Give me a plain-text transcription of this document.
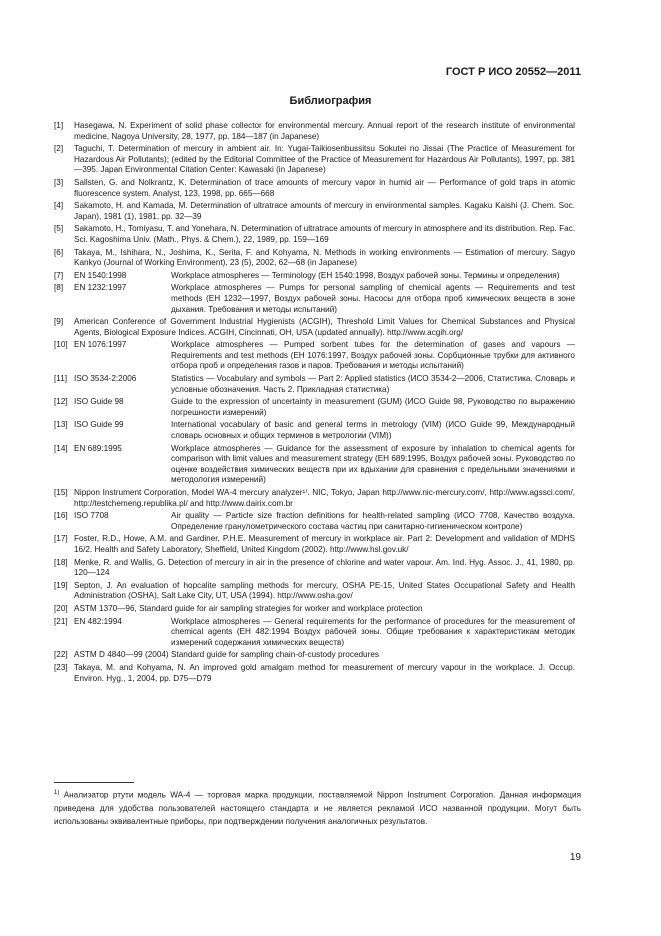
ГОСТ Р ИСО 20552—2011
Библиография
[1]	Hasegawa, N. Experiment of solid phase collector for environmental mercury. Annual report of the research institute of environmental medicine, Nagoya University, 28, 1977, pp. 184—187 (in Japanese)
[2]	Taguchi, T. Determination of mercury in ambient air. In: Yugai-Taikiosenbussitsu Sokutei no Jissai (The Practice of Measurement for Hazardous Air Pollutants); (edited by the Editorial Committee of the Practice of Measurement for Hazardous Air Pollutants), 1997, pp. 381—395. Japan Environmental Citation Center: Kawasaki (in Japanese)
[3]	Sallsten, G. and Nolkrantz, K. Determination of trace amounts of mercury vapor in humid air — Performance of gold traps in atomic fluorescence system. Analyst, 123, 1998, pp. 665—668
[4]	Sakamoto, H. and Kamada, M. Determination of ultratrace amounts of mercury in environmental samples. Kagaku Kaishi (J. Chem. Soc. Japan), 1981 (1), 1981, pp. 32—39
[5]	Sakamoto, H., Tomiyasu, T. and Yonehara, N. Determination of ultratrace amounts of mercury in atmosphere and its distribution. Rep. Fac. Sci. Kagoshima Univ. (Math., Phys. & Chem.), 22, 1989, pp. 159—169
[6]	Takaya, M., Ishihara, N., Joshima, K., Serita, F. and Kohyama, N. Methods in working environments — Estimation of mercury. Sagyo Kankyo (Journal of Working Environment), 23 (5), 2002, 62—68 (in Japanese)
[7]	EN 1540:1998	Workplace atmospheres — Terminology (ЕН 1540:1998, Воздух рабочей зоны. Термины и определения)
[8]	EN 1232:1997	Workplace atmospheres — Pumps for personal sampling of chemical agents — Requirements and test methods (ЕН 1232—1997, Воздух рабочей зоны. Насосы для отбора проб химических веществ в зоне дыхания. Требования и методы испытаний)
[9]	American Conference of Government Industrial Hygienists (ACGIH), Threshold Limit Values for Chemical Substances and Physical Agents, Biological Exposure Indices. ACGIH, Cincinnati, OH, USA (updated annually). http://www.acgih.org/
[10] EN 1076:1997	Workplace atmospheres — Pumped sorbent tubes for the determination of gases and vapours — Requirements and test methods (ЕН 1076:1997, Воздух рабочей зоны. Сорбционные трубки для активного отбора проб и определения газов и паров. Требования и методы испытаний)
[11] ISO 3534-2:2006	Statistics — Vocabulary and symbols — Part 2: Applied statistics (ИСО 3534-2—2006, Статистика. Словарь и условные обозначения. Часть 2. Прикладная статистика)
[12] ISO Guide 98	Guide to the expression of uncertainty in measurement (GUM) (ИСО Guide 98, Руководство по выражению погрешности измерений)
[13] ISO Guide 99	International vocabulary of basic and general terms in metrology (VIM) (ИСО Guide 99, Международный словарь основных и общих терминов в метрологии (VIM))
[14] EN 689:1995	Workplace atmospheres — Guidance for the assessment of exposure by inhalation to chemical agents for comparison with limit values and measurement strategy (ЕН 689:1995, Воздух рабочей зоны. Руководство по оценке воздействия химических веществ при их вдыхании для сравнения с предельными значениями и методология измерений)
[15] Nippon Instrument Corporation, Model WA-4 mercury analyzer¹⁾. NIC, Tokyo, Japan http://www.nic-mercury.com/, http://www.agssci.com/, http://testchemeng.republika.pl/ and http://www.dairix.com.br
[16] ISO 7708	Air quality — Particle size fraction definitions for health-related sampling (ИСО 7708, Качество воздуха. Определение гранулометрического состава частиц при санитарно-гигиеническом контроле)
[17] Foster, R.D., Howe, A.M. and Gardiner, P.H.E. Measurement of mercury in workplace air. Part 2: Development and validation of MDHS 16/2. Health and Safety Laboratory, Sheffield, United Kingdom (2002). http://www.hsl.gov.uk/
[18] Menke, R. and Wallis, G. Detection of mercury in air in the presence of chlorine and water vapour. Am. Ind. Hyg. Assoc. J., 41, 1980, pp. 120—124
[19] Septon, J. An evaluation of hopcalite sampling methods for mercury, OSHA PE-15, United States Occupational Safety and Health Administration (OSHA), Salt Lake City, UT, USA (1994). http://www.osha.gov/
[20] ASTM 1370—96, Standard guide for air sampling strategies for worker and workplace protection
[21] EN 482:1994	Workplace atmospheres — General requirements for the performance of procedures for the measurement of chemical agents (ЕН 482:1994 Воздух рабочей зоны. Общие требования к характеристикам методик измерений содержания химических веществ)
[22] ASTM D 4840—99 (2004) Standard guide for sampling chain-of-custody procedures
[23] Takaya, M. and Kohyama, N. An improved gold amalgam method for measurement of mercury vapour in the workplace. J. Occup. Environ. Hyg., 1, 2004, pp. D75—D79
$^{1)}$ Анализатор ртути модель WA-4 — торговая марка продукции, поставляемой Nippon Instrument Corporation. Данная информация приведена для удобства пользователей настоящего стандарта и не является рекламой ИСО названной продукции. Могут быть использованы эквивалентные приборы, при подтверждении получения аналогичных результатов.
19
